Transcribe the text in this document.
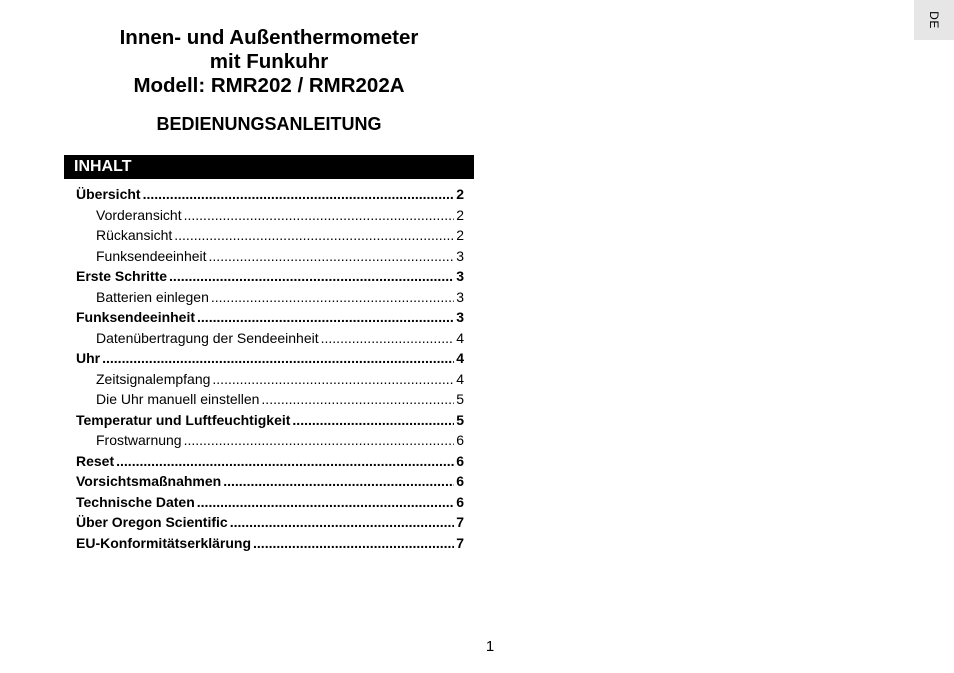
DE
Innen- und Außenthermometer
mit Funkuhr
Modell: RMR202 / RMR202A
BEDIENUNGSANLEITUNG
INHALT
Übersicht .....	2
Vorderansicht .....	2
Rückansicht .....	2
Funksendeeinheit .....	3
Erste Schritte .....	3
Batterien einlegen .....	3
Funksendeeinheit .....	3
Datenübertragung der Sendeeinheit .....	4
Uhr .....	4
Zeitsignalempfang .....	4
Die Uhr manuell einstellen .....	5
Temperatur und Luftfeuchtigkeit .....	5
Frostwarnung .....	6
Reset .....	6
Vorsichtsmaßnahmen .....	6
Technische Daten .....	6
Über Oregon Scientific .....	7
EU-Konformitätserklärung .....	7
1
